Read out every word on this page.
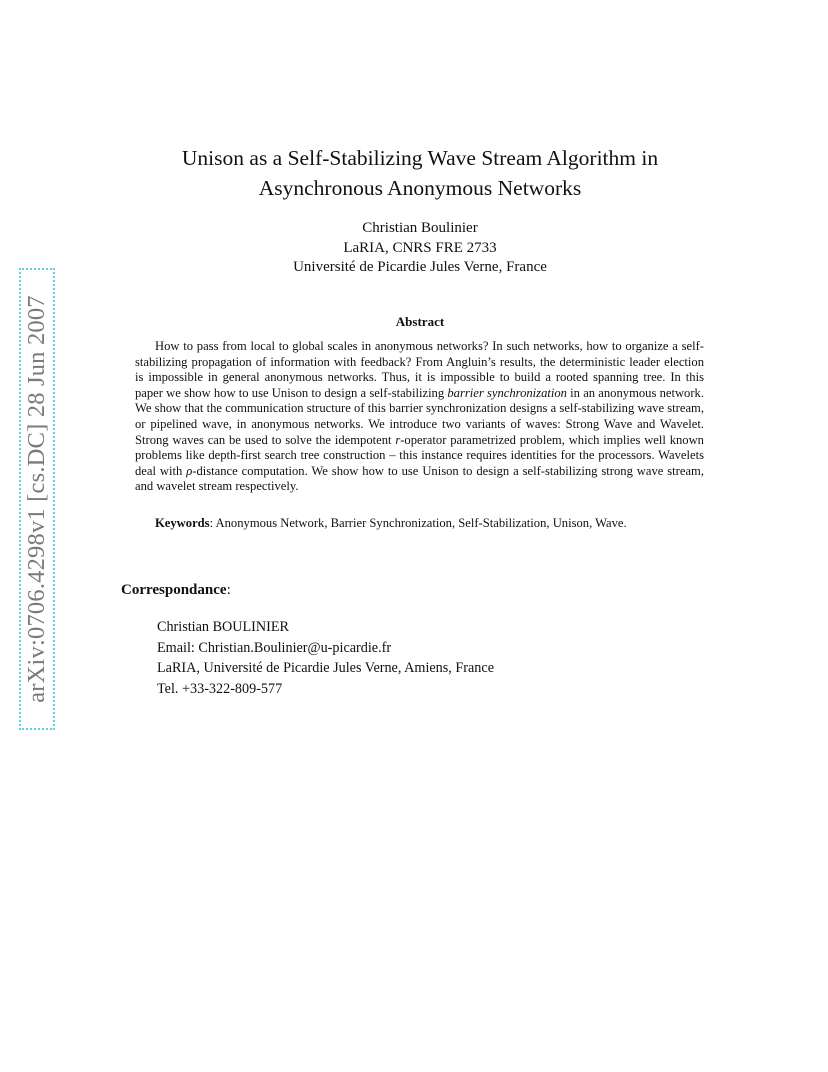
arXiv:0706.4298v1 [cs.DC] 28 Jun 2007
Unison as a Self-Stabilizing Wave Stream Algorithm in
Asynchronous Anonymous Networks
Christian Boulinier
LaRIA, CNRS FRE 2733
Université de Picardie Jules Verne, France
Abstract

How to pass from local to global scales in anonymous networks? In such networks, how to organize a self-stabilizing propagation of information with feedback? From Angluin’s results, the deterministic leader election is impossible in general anonymous networks. Thus, it is impossible to build a rooted spanning tree. In this paper we show how to use Unison to design a self-stabilizing barrier synchronization in an anonymous network. We show that the communication structure of this barrier synchronization designs a self-stabilizing wave stream, or pipelined wave, in anonymous networks. We introduce two variants of waves: Strong Wave and Wavelet. Strong waves can be used to solve the idempotent r-operator parametrized problem, which implies well known problems like depth-first search tree construction – this instance requires identities for the processors. Wavelets deal with ρ-distance computation. We show how to use Unison to design a self-stabilizing strong wave stream, and wavelet stream respectively.

Keywords: Anonymous Network, Barrier Synchronization, Self-Stabilization, Unison, Wave.
Correspondance:
Christian BOULINIER
Email: Christian.Boulinier@u-picardie.fr
LaRIA, Université de Picardie Jules Verne, Amiens, France
Tel. +33-322-809-577
